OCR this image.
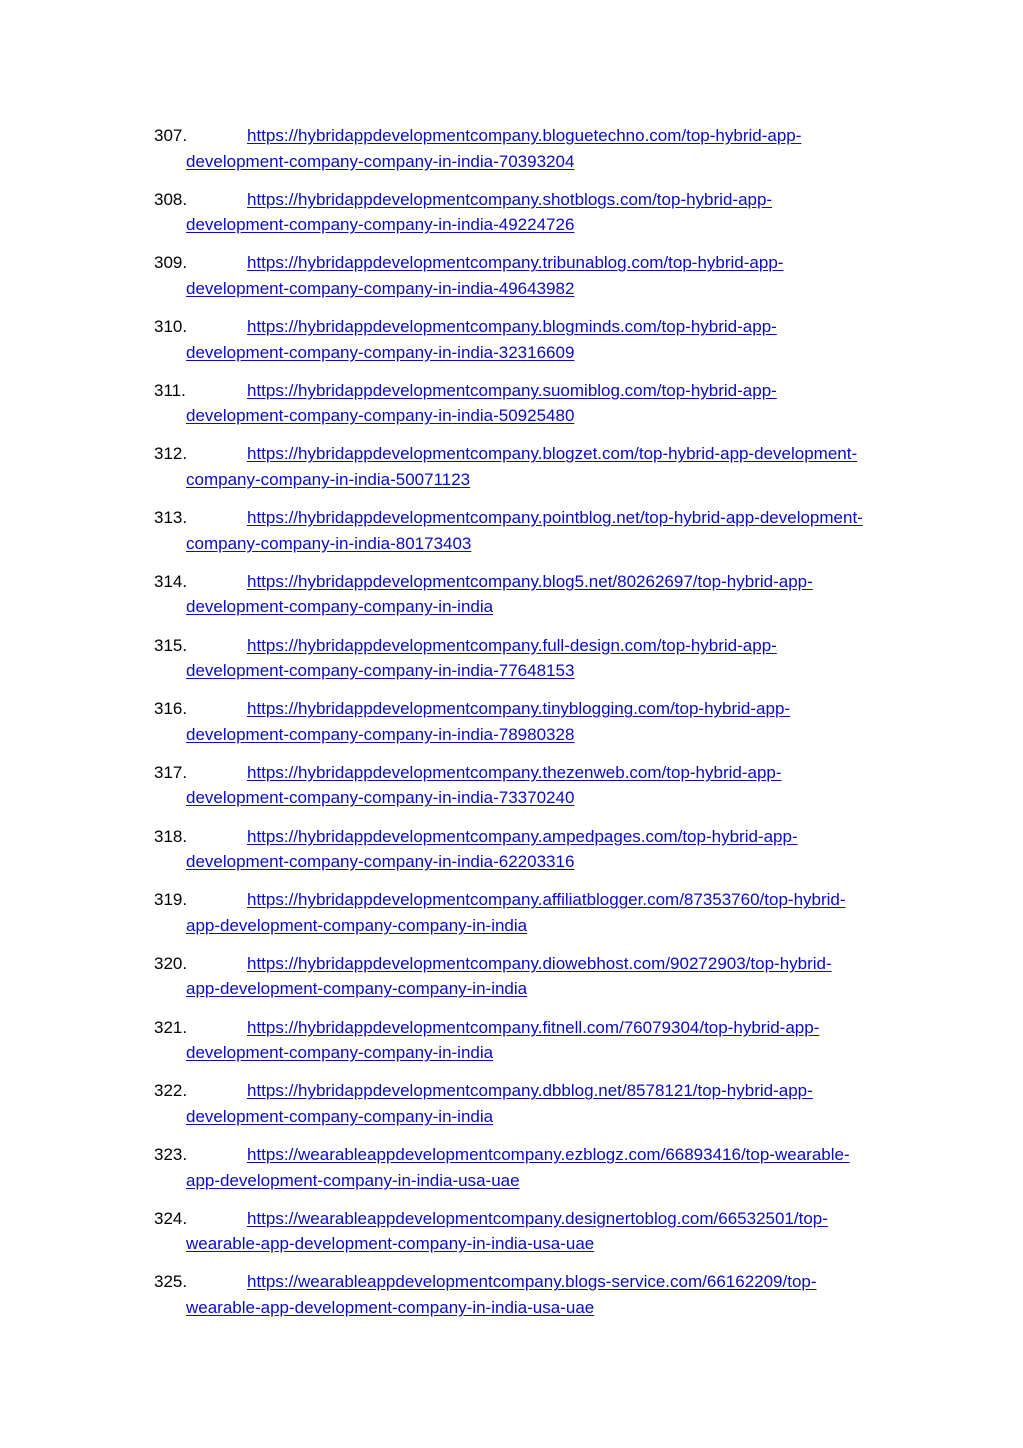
307.	https://hybridappdevelopmentcompany.bloguetechno.com/top-hybrid-app-
development-company-company-in-india-70393204
308.	https://hybridappdevelopmentcompany.shotblogs.com/top-hybrid-app-
development-company-company-in-india-49224726
309.	https://hybridappdevelopmentcompany.tribunablog.com/top-hybrid-app-
development-company-company-in-india-49643982
310.	https://hybridappdevelopmentcompany.blogminds.com/top-hybrid-app-
development-company-company-in-india-32316609
311.	https://hybridappdevelopmentcompany.suomiblog.com/top-hybrid-app-
development-company-company-in-india-50925480
312.	https://hybridappdevelopmentcompany.blogzet.com/top-hybrid-app-development-
company-company-in-india-50071123
313.	https://hybridappdevelopmentcompany.pointblog.net/top-hybrid-app-development-
company-company-in-india-80173403
314.	https://hybridappdevelopmentcompany.blog5.net/80262697/top-hybrid-app-
development-company-company-in-india
315.	https://hybridappdevelopmentcompany.full-design.com/top-hybrid-app-
development-company-company-in-india-77648153
316.	https://hybridappdevelopmentcompany.tinyblogging.com/top-hybrid-app-
development-company-company-in-india-78980328
317.	https://hybridappdevelopmentcompany.thezenweb.com/top-hybrid-app-
development-company-company-in-india-73370240
318.	https://hybridappdevelopmentcompany.ampedpages.com/top-hybrid-app-
development-company-company-in-india-62203316
319.	https://hybridappdevelopmentcompany.affiliatblogger.com/87353760/top-hybrid-
app-development-company-company-in-india
320.	https://hybridappdevelopmentcompany.diowebhost.com/90272903/top-hybrid-
app-development-company-company-in-india
321.	https://hybridappdevelopmentcompany.fitnell.com/76079304/top-hybrid-app-
development-company-company-in-india
322.	https://hybridappdevelopmentcompany.dbblog.net/8578121/top-hybrid-app-
development-company-company-in-india
323.	https://wearableappdevelopmentcompany.ezblogz.com/66893416/top-wearable-
app-development-company-in-india-usa-uae
324.	https://wearableappdevelopmentcompany.designertoblog.com/66532501/top-
wearable-app-development-company-in-india-usa-uae
325.	https://wearableappdevelopmentcompany.blogs-service.com/66162209/top-
wearable-app-development-company-in-india-usa-uae
